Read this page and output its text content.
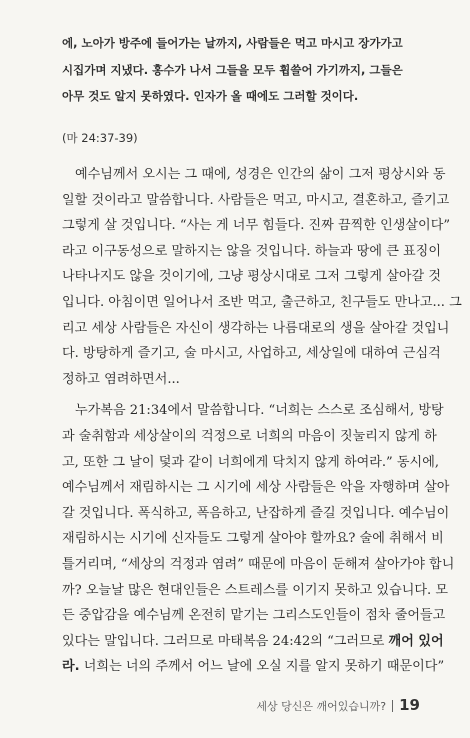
에, 노아가 방주에 들어가는 날까지, 사람들은 먹고 마시고 장가가고
시집가며 지냈다. 홍수가 나서 그들을 모두 휩쓸어 가기까지, 그들은
아무 것도 알지 못하였다. 인자가 올 때에도 그러할 것이다.
(마 24:37-39)
예수님께서 오시는 그 때에, 성경은 인간의 삶이 그저 평상시와 동
일할 것이라고 말씀합니다. 사람들은 먹고, 마시고, 결혼하고, 즐기고
그렇게 살 것입니다. “사는 게 너무 힘들다. 진짜 끔찍한 인생살이다”
라고 이구동성으로 말하지는 않을 것입니다. 하늘과 땅에 큰 표징이
나타나지도 않을 것이기에, 그냥 평상시대로 그저 그렇게 살아갈 것
입니다. 아침이면 일어나서 조반 먹고, 출근하고, 친구들도 만나고... 그
리고 세상 사람들은 자신이 생각하는 나름대로의 생을 살아갈 것입니
다. 방탕하게 즐기고, 술 마시고, 사업하고, 세상일에 대하여 근심걱
정하고 염려하면서...
누가복음 21:34에서 말씀합니다. “너희는 스스로 조심해서, 방탕
과 술취함과 세상살이의 걱정으로 너희의 마음이 짓눌리지 않게 하
고, 또한 그 날이 덫과 같이 너희에게 닥치지 않게 하여라.” 동시에,
예수님께서 재림하시는 그 시기에 세상 사람들은 악을 자행하며 살아
갈 것입니다. 폭식하고, 폭음하고, 난잡하게 즐길 것입니다. 예수님이
재림하시는 시기에 신자들도 그렇게 살아야 할까요? 술에 취해서 비
틀거리며, “세상의 걱정과 염려” 때문에 마음이 둔해져 살아가야 합니
까? 오늘날 많은 현대인들은 스트레스를 이기지 못하고 있습니다. 모
든 중압감을 예수님께 온전히 맡기는 그리스도인들이 점차 줄어들고
있다는 말입니다. 그러므로 마태복음 24:42의 “그러므로 깨어 있어
라. 너희는 너의 주께서 어느 날에 오실 지를 알지 못하기 때문이다”
세상 당신은 깨어있습니까? 19
